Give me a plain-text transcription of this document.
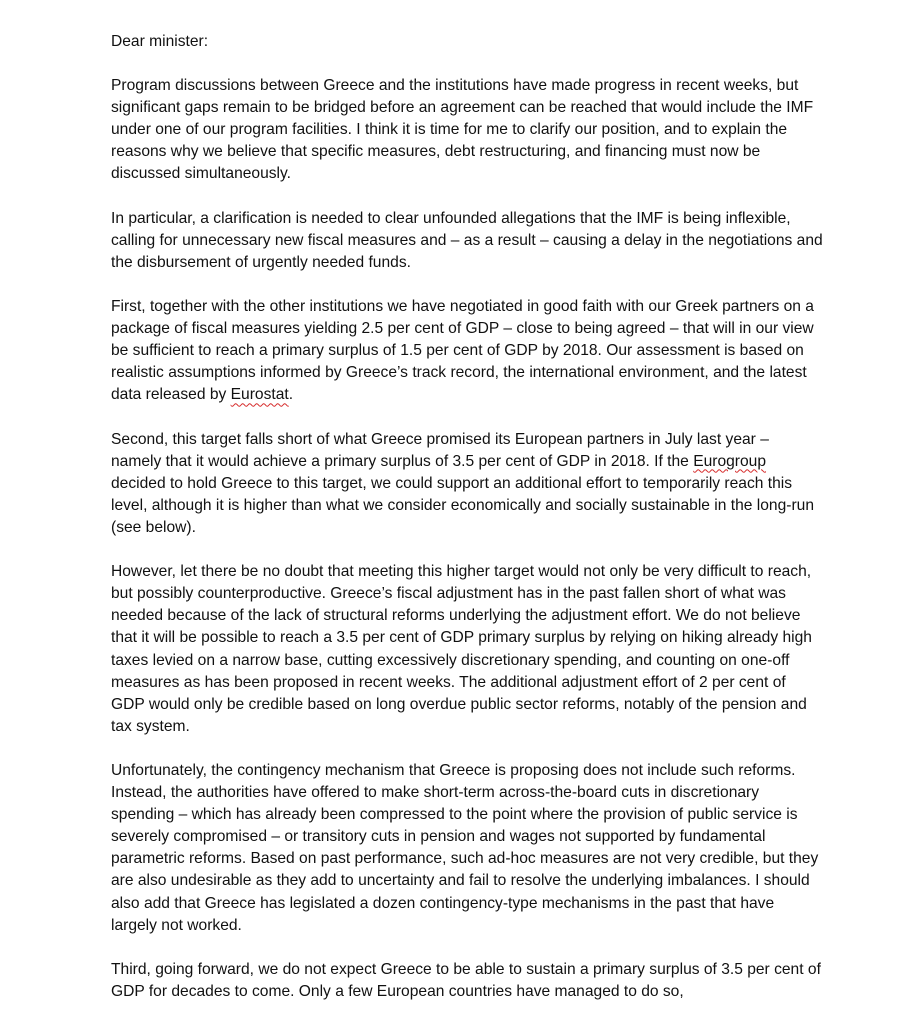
Dear minister:

Program discussions between Greece and the institutions have made progress in recent weeks, but significant gaps remain to be bridged before an agreement can be reached that would include the IMF under one of our program facilities. I think it is time for me to clarify our position, and to explain the reasons why we believe that specific measures, debt restructuring, and financing must now be discussed simultaneously.

In particular, a clarification is needed to clear unfounded allegations that the IMF is being inflexible, calling for unnecessary new fiscal measures and – as a result – causing a delay in the negotiations and the disbursement of urgently needed funds.

First, together with the other institutions we have negotiated in good faith with our Greek partners on a package of fiscal measures yielding 2.5 per cent of GDP – close to being agreed – that will in our view be sufficient to reach a primary surplus of 1.5 per cent of GDP by 2018. Our assessment is based on realistic assumptions informed by Greece’s track record, the international environment, and the latest data released by Eurostat.

Second, this target falls short of what Greece promised its European partners in July last year – namely that it would achieve a primary surplus of 3.5 per cent of GDP in 2018. If the Eurogroup decided to hold Greece to this target, we could support an additional effort to temporarily reach this level, although it is higher than what we consider economically and socially sustainable in the long-run (see below).

However, let there be no doubt that meeting this higher target would not only be very difficult to reach, but possibly counterproductive. Greece’s fiscal adjustment has in the past fallen short of what was needed because of the lack of structural reforms underlying the adjustment effort. We do not believe that it will be possible to reach a 3.5 per cent of GDP primary surplus by relying on hiking already high taxes levied on a narrow base, cutting excessively discretionary spending, and counting on one-off measures as has been proposed in recent weeks. The additional adjustment effort of 2 per cent of GDP would only be credible based on long overdue public sector reforms, notably of the pension and tax system.

Unfortunately, the contingency mechanism that Greece is proposing does not include such reforms. Instead, the authorities have offered to make short-term across-the-board cuts in discretionary spending – which has already been compressed to the point where the provision of public service is severely compromised – or transitory cuts in pension and wages not supported by fundamental parametric reforms. Based on past performance, such ad-hoc measures are not very credible, but they are also undesirable as they add to uncertainty and fail to resolve the underlying imbalances. I should also add that Greece has legislated a dozen contingency-type mechanisms in the past that have largely not worked.

Third, going forward, we do not expect Greece to be able to sustain a primary surplus of 3.5 per cent of GDP for decades to come. Only a few European countries have managed to do so,
